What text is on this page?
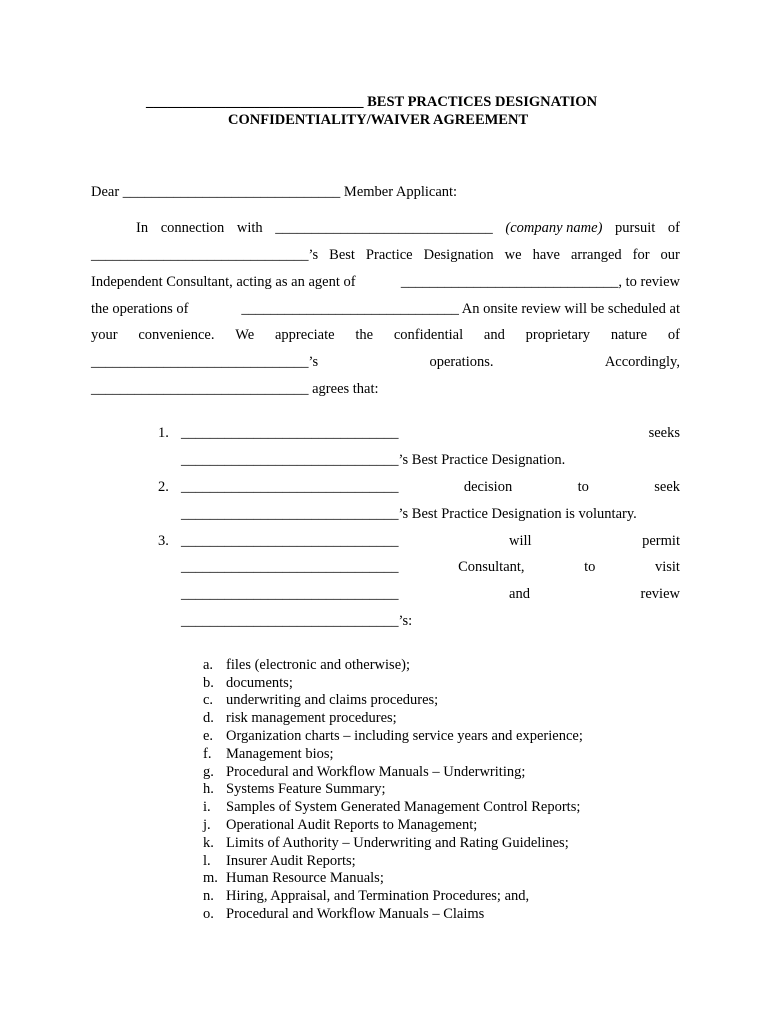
______________________________ BEST PRACTICES DESIGNATION
CONFIDENTIALITY/WAIVER AGREEMENT
Dear ______________________________ Member Applicant:
In connection with ______________________________ (company name) pursuit of
______________________________’s Best Practice Designation we have arranged for our
Independent Consultant, acting as an agent of	______________________________, to review
the operations of	______________________________ An onsite review will be scheduled at
your convenience. We appreciate the confidential and proprietary nature of
______________________________’s	operations.	Accordingly,
______________________________ agrees that:
1. ______________________________	seeks
______________________________’s Best Practice Designation.
2. ______________________________	decision	to	seek
______________________________’s Best Practice Designation is voluntary.
3. ______________________________	will	permit
______________________________	Consultant,	to	visit
______________________________	and	review
______________________________’s:
a. files (electronic and otherwise);
b. documents;
c. underwriting and claims procedures;
d. risk management procedures;
e. Organization charts – including service years and experience;
f. Management bios;
g. Procedural and Workflow Manuals – Underwriting;
h. Systems Feature Summary;
i. Samples of System Generated Management Control Reports;
j. Operational Audit Reports to Management;
k. Limits of Authority – Underwriting and Rating Guidelines;
l. Insurer Audit Reports;
m. Human Resource Manuals;
n. Hiring, Appraisal, and Termination Procedures; and,
o. Procedural and Workflow Manuals – Claims
